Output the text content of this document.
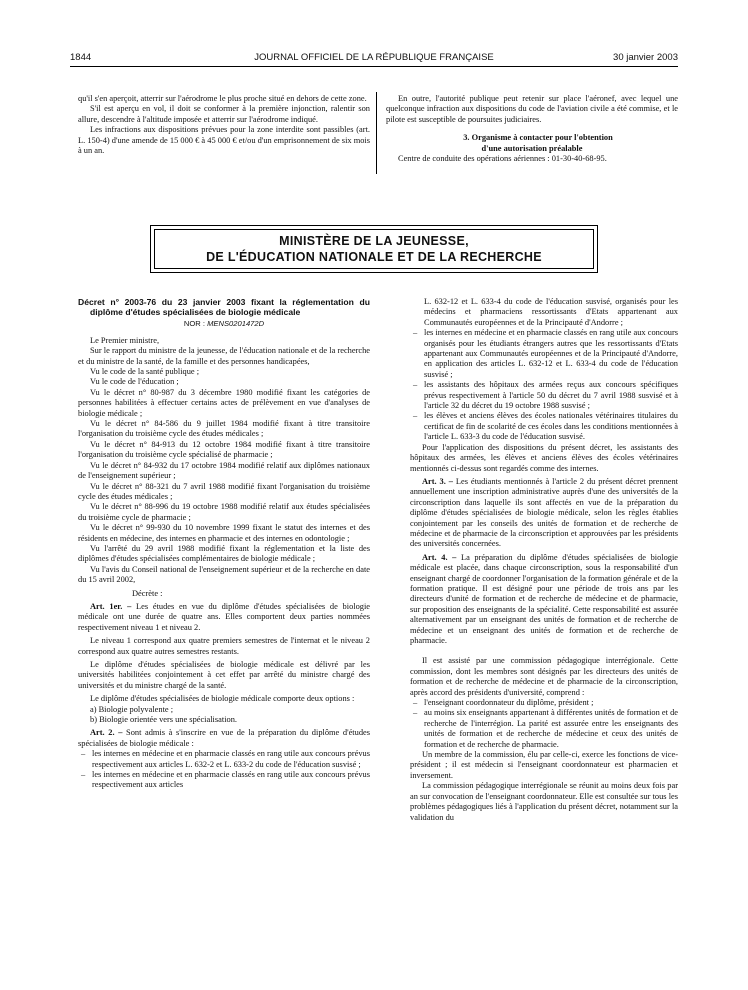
1844	JOURNAL OFFICIEL DE LA RÉPUBLIQUE FRANÇAISE	30 janvier 2003

qu'il s'en aperçoit, atterrir sur l'aérodrome le plus proche situé en dehors de cette zone.

S'il est aperçu en vol, il doit se conformer à la première injonction, ralentir son allure, descendre à l'altitude imposée et atterrir sur l'aérodrome indiqué.

Les infractions aux dispositions prévues pour la zone interdite sont passibles (art. L. 150-4) d'une amende de 15 000 € à 45 000 € et/ou d'un emprisonnement de six mois à un an.

En outre, l'autorité publique peut retenir sur place l'aéronef, avec lequel une quelconque infraction aux dispositions du code de l'aviation civile a été commise, et le pilote est susceptible de poursuites judiciaires.

3. Organisme à contacter pour l'obtention
d'une autorisation préalable

Centre de conduite des opérations aériennes : 01-30-40-68-95.

MINISTÈRE DE LA JEUNESSE,
DE L'ÉDUCATION NATIONALE ET DE LA RECHERCHE

Décret n° 2003-76 du 23 janvier 2003 fixant la réglementation du diplôme d'études spécialisées de biologie médicale

NOR : MENS0201472D

Le Premier ministre,

Sur le rapport du ministre de la jeunesse, de l'éducation nationale et de la recherche et du ministre de la santé, de la famille et des personnes handicapées,

Vu le code de la santé publique ;

Vu le code de l'éducation ;

Vu le décret n° 80-987 du 3 décembre 1980 modifié fixant les catégories de personnes habilitées à effectuer certains actes de prélèvement en vue d'analyses de biologie médicale ;

Vu le décret n° 84-586 du 9 juillet 1984 modifié fixant à titre transitoire l'organisation du troisième cycle des études médicales ;

Vu le décret n° 84-913 du 12 octobre 1984 modifié fixant à titre transitoire l'organisation du troisième cycle spécialisé de pharmacie ;

Vu le décret n° 84-932 du 17 octobre 1984 modifié relatif aux diplômes nationaux de l'enseignement supérieur ;

Vu le décret n° 88-321 du 7 avril 1988 modifié fixant l'organisation du troisième cycle des études médicales ;

Vu le décret n° 88-996 du 19 octobre 1988 modifié relatif aux études spécialisées du troisième cycle de pharmacie ;

Vu le décret n° 99-930 du 10 novembre 1999 fixant le statut des internes et des résidents en médecine, des internes en pharmacie et des internes en odontologie ;

Vu l'arrêté du 29 avril 1988 modifié fixant la réglementation et la liste des diplômes d'études spécialisées complémentaires de biologie médicale ;

Vu l'avis du Conseil national de l'enseignement supérieur et de la recherche en date du 15 avril 2002,

Décrète :

Art. 1er. – Les études en vue du diplôme d'études spécialisées de biologie médicale ont une durée de quatre ans. Elles comportent deux parties nommées respectivement niveau 1 et niveau 2.

Le niveau 1 correspond aux quatre premiers semestres de l'internat et le niveau 2 correspond aux quatre autres semestres restants.

Le diplôme d'études spécialisées de biologie médicale est délivré par les universités habilitées conjointement à cet effet par arrêté du ministre chargé des universités et du ministre chargé de la santé.

Le diplôme d'études spécialisées de biologie médicale comporte deux options :

a) Biologie polyvalente ;

b) Biologie orientée vers une spécialisation.

Art. 2. – Sont admis à s'inscrire en vue de la préparation du diplôme d'études spécialisées de biologie médicale :

– les internes en médecine et en pharmacie classés en rang utile aux concours prévus respectivement aux articles L. 632-2 et L. 633-2 du code de l'éducation susvisé ;
– les internes en médecine et en pharmacie classés en rang utile aux concours prévus respectivement aux articles

L. 632-12 et L. 633-4 du code de l'éducation susvisé, organisés pour les médecins et pharmaciens ressortissants d'Etats appartenant aux Communautés européennes et de la Principauté d'Andorre ;

– les internes en médecine et en pharmacie classés en rang utile aux concours organisés pour les étudiants étrangers autres que les ressortissants d'Etats appartenant aux Communautés européennes et de la Principauté d'Andorre, en application des articles L. 632-12 et L. 633-4 du code de l'éducation susvisé ;
– les assistants des hôpitaux des armées reçus aux concours spécifiques prévus respectivement à l'article 50 du décret du 7 avril 1988 susvisé et à l'article 32 du décret du 19 octobre 1988 susvisé ;
– les élèves et anciens élèves des écoles nationales vétérinaires titulaires du certificat de fin de scolarité de ces écoles dans les conditions mentionnées à l'article L. 633-3 du code de l'éducation susvisé.

Pour l'application des dispositions du présent décret, les assistants des hôpitaux des armées, les élèves et anciens élèves des écoles vétérinaires mentionnés ci-dessus sont regardés comme des internes.

Art. 3. – Les étudiants mentionnés à l'article 2 du présent décret prennent annuellement une inscription administrative auprès d'une des universités de la circonscription dans laquelle ils sont affectés en vue de la préparation du diplôme d'études spécialisées de biologie médicale, selon les règles établies conjointement par les conseils des unités de formation et de recherche de médecine et de pharmacie de la circonscription et approuvées par les présidents des universités concernées.

Art. 4. – La préparation du diplôme d'études spécialisées de biologie médicale est placée, dans chaque circonscription, sous la responsabilité d'un enseignant chargé de coordonner l'organisation de la formation générale et de la formation pratique. Il est désigné pour une période de trois ans par les directeurs d'unité de formation et de recherche de médecine et de pharmacie, sur proposition des enseignants de la spécialité. Cette responsabilité est assurée alternativement par un enseignant des unités de formation et de recherche de médecine et un enseignant des unités de formation et de recherche de pharmacie.

Il est assisté par une commission pédagogique interrégionale. Cette commission, dont les membres sont désignés par les directeurs des unités de formation et de recherche de médecine et de pharmacie de la circonscription, après accord des présidents d'université, comprend :

– l'enseignant coordonnateur du diplôme, président ;
– au moins six enseignants appartenant à différentes unités de formation et de recherche de l'interrégion. La parité est assurée entre les enseignants des unités de formation et de recherche de médecine et ceux des unités de formation et de recherche de pharmacie.

Un membre de la commission, élu par celle-ci, exerce les fonctions de vice-président ; il est médecin si l'enseignant coordonnateur est pharmacien et inversement.

La commission pédagogique interrégionale se réunit au moins deux fois par an sur convocation de l'enseignant coordonnateur. Elle est consultée sur tous les problèmes pédagogiques liés à l'application du présent décret, notamment sur la validation du
